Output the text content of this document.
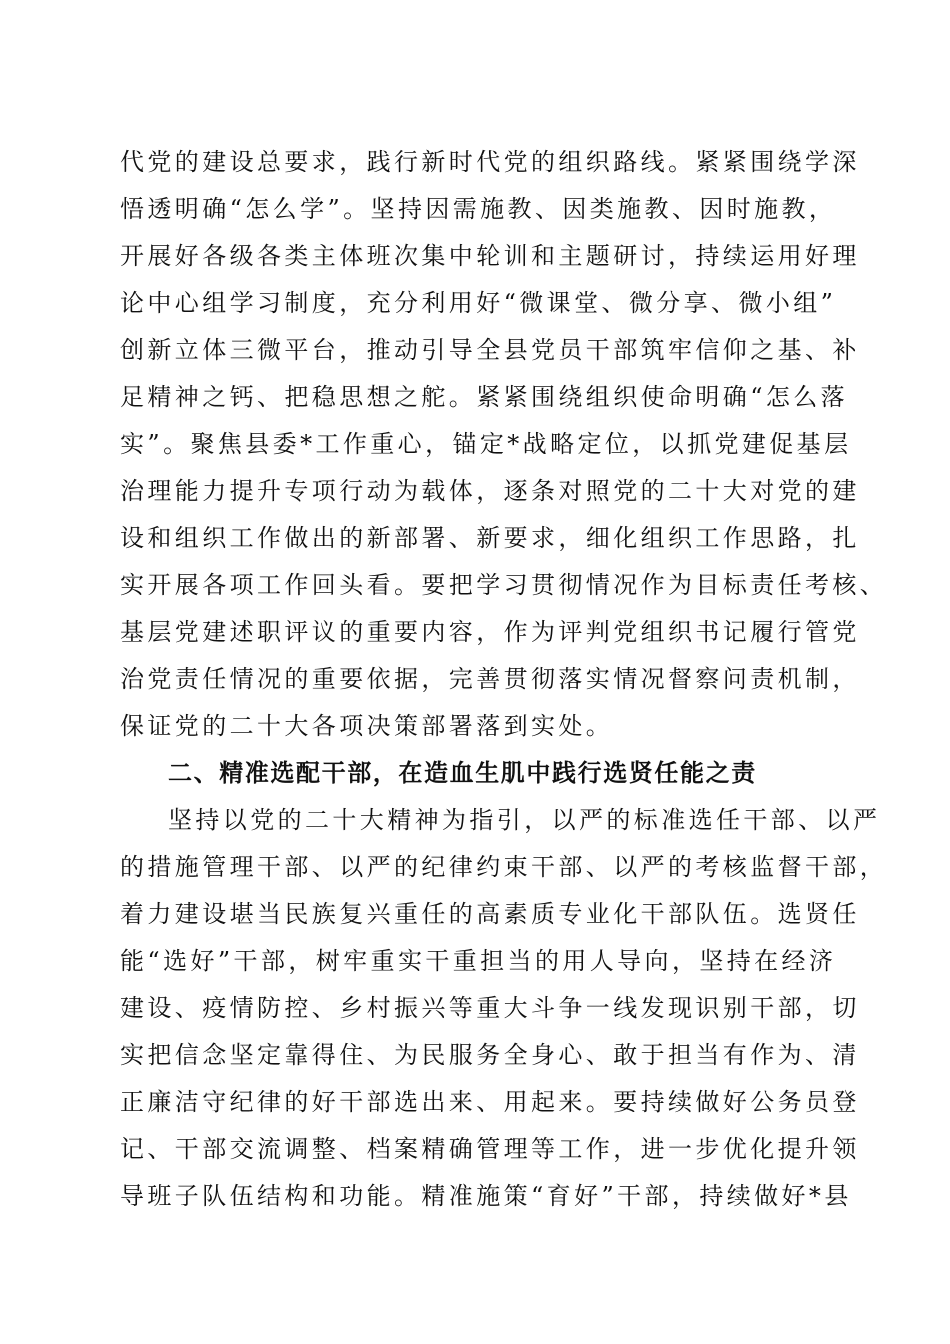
代党的建设总要求，践行新时代党的组织路线。紧紧围绕学深
悟透明确“怎么学”。坚持因需施教、因类施教、因时施教，
开展好各级各类主体班次集中轮训和主题研讨，持续运用好理
论中心组学习制度，充分利用好“微课堂、微分享、微小组”
创新立体三微平台，推动引导全县党员干部筑牢信仰之基、补
足精神之钙、把稳思想之舵。紧紧围绕组织使命明确“怎么落
实”。聚焦县委*工作重心，锚定*战略定位，以抓党建促基层
治理能力提升专项行动为载体，逐条对照党的二十大对党的建
设和组织工作做出的新部署、新要求，细化组织工作思路，扎
实开展各项工作回头看。要把学习贯彻情况作为目标责任考核、
基层党建述职评议的重要内容，作为评判党组织书记履行管党
治党责任情况的重要依据，完善贯彻落实情况督察问责机制，
保证党的二十大各项决策部署落到实处。
二、精准选配干部，在造血生肌中践行选贤任能之责
坚持以党的二十大精神为指引，以严的标准选任干部、以严
的措施管理干部、以严的纪律约束干部、以严的考核监督干部，
着力建设堪当民族复兴重任的高素质专业化干部队伍。选贤任
能“选好”干部，树牢重实干重担当的用人导向，坚持在经济
建设、疫情防控、乡村振兴等重大斗争一线发现识别干部，切
实把信念坚定靠得住、为民服务全身心、敢于担当有作为、清
正廉洁守纪律的好干部选出来、用起来。要持续做好公务员登
记、干部交流调整、档案精确管理等工作，进一步优化提升领
导班子队伍结构和功能。精准施策“育好”干部，持续做好*县
